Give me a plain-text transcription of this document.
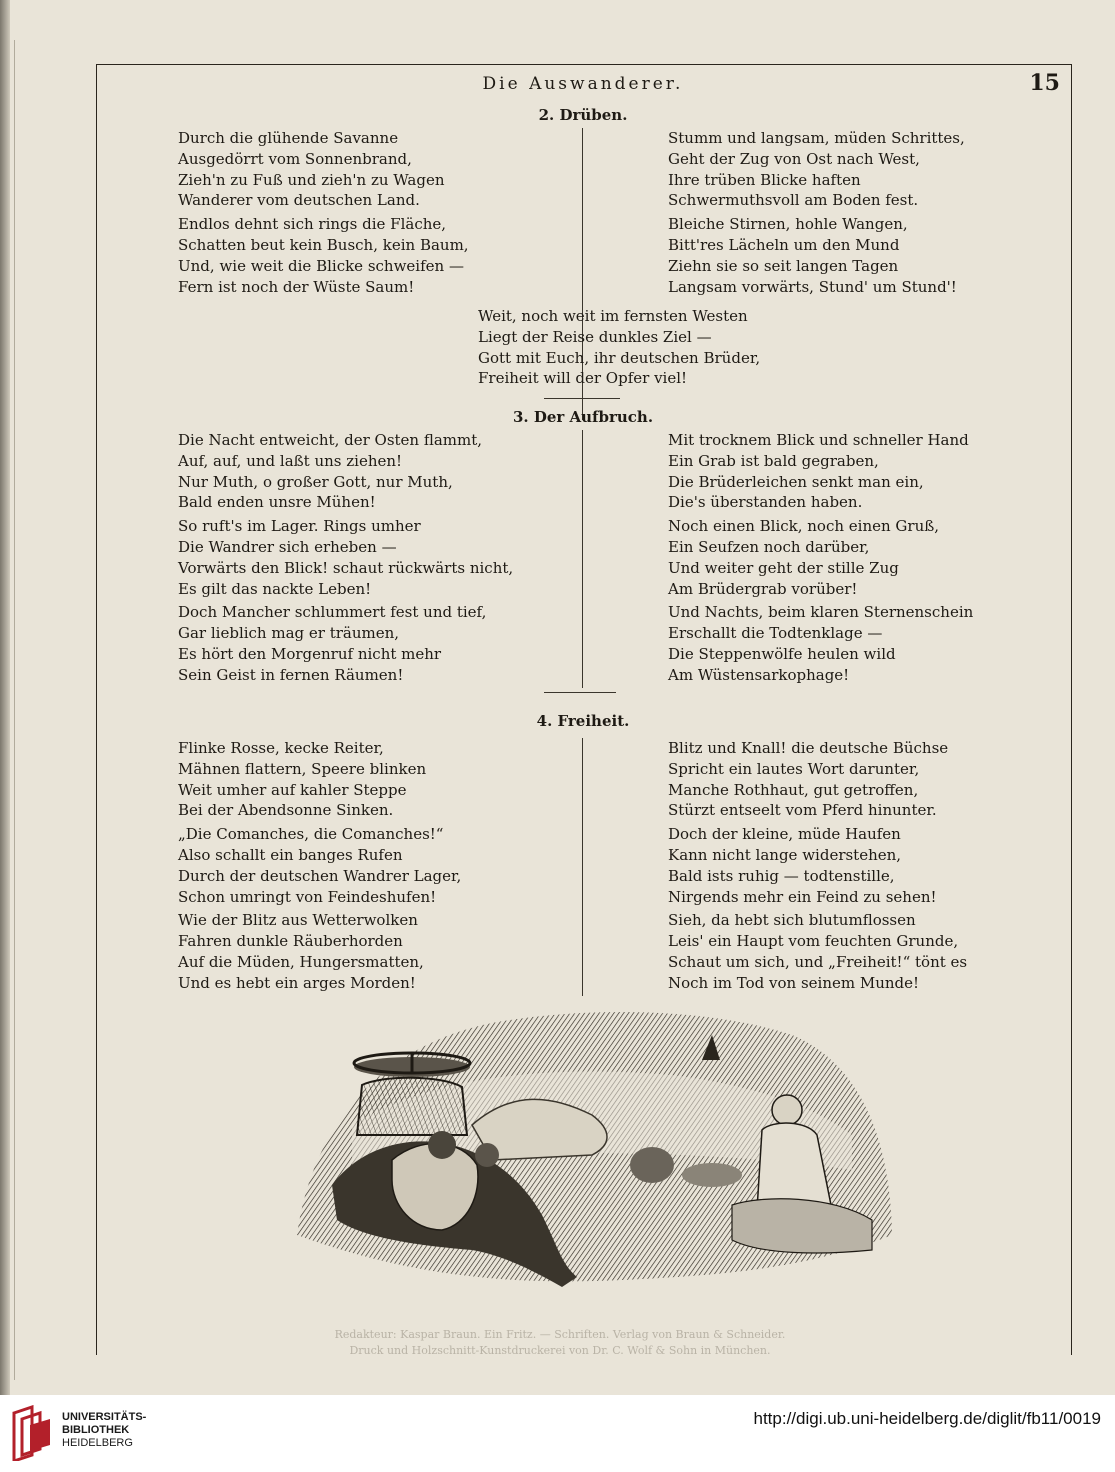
Die Auswanderer.	15
2. Drüben.
Durch die glühende Savanne
Ausgedörrt vom Sonnenbrand,
Zieh'n zu Fuß und zieh'n zu Wagen
Wanderer vom deutschen Land.
Endlos dehnt sich rings die Fläche,
Schatten beut kein Busch, kein Baum,
Und, wie weit die Blicke schweifen —
Fern ist noch der Wüste Saum!
Stumm und langsam, müden Schrittes,
Geht der Zug von Ost nach West,
Ihre trüben Blicke haften
Schwermuthsvoll am Boden fest.
Bleiche Stirnen, hohle Wangen,
Bitt'res Lächeln um den Mund
Ziehn sie so seit langen Tagen
Langsam vorwärts, Stund' um Stund'!
Weit, noch weit im fernsten Westen
Liegt der Reise dunkles Ziel —
Gott mit Euch, ihr deutschen Brüder,
Freiheit will der Opfer viel!
3. Der Aufbruch.
Die Nacht entweicht, der Osten flammt,
Auf, auf, und laßt uns ziehen!
Nur Muth, o großer Gott, nur Muth,
Bald enden unsre Mühen!
So ruft's im Lager. Rings umher
Die Wandrer sich erheben —
Vorwärts den Blick! schaut rückwärts nicht,
Es gilt das nackte Leben!
Doch Mancher schlummert fest und tief,
Gar lieblich mag er träumen,
Es hört den Morgenruf nicht mehr
Sein Geist in fernen Räumen!
Mit trocknem Blick und schneller Hand
Ein Grab ist bald gegraben,
Die Brüderleichen senkt man ein,
Die's überstanden haben.
Noch einen Blick, noch einen Gruß,
Ein Seufzen noch darüber,
Und weiter geht der stille Zug
Am Brüdergrab vorüber!
Und Nachts, beim klaren Sternenschein
Erschallt die Todtenklage —
Die Steppenwölfe heulen wild
Am Wüstensarkophage!
4. Freiheit.
Flinke Rosse, kecke Reiter,
Mähnen flattern, Speere blinken
Weit umher auf kahler Steppe
Bei der Abendsonne Sinken.
„Die Comanches, die Comanches!“
Also schallt ein banges Rufen
Durch der deutschen Wandrer Lager,
Schon umringt von Feindeshufen!
Wie der Blitz aus Wetterwolken
Fahren dunkle Räuberhorden
Auf die Müden, Hungersmatten,
Und es hebt ein arges Morden!
Blitz und Knall! die deutsche Büchse
Spricht ein lautes Wort darunter,
Manche Rothhaut, gut getroffen,
Stürzt entseelt vom Pferd hinunter.
Doch der kleine, müde Haufen
Kann nicht lange widerstehen,
Bald ists ruhig — todtenstille,
Nirgends mehr ein Feind zu sehen!
Sieh, da hebt sich blutumflossen
Leis' ein Haupt vom feuchten Grunde,
Schaut um sich, und „Freiheit!“ tönt es
Noch im Tod von seinem Munde!
Redakteur: Kaspar Braun. Ein Fritz. — Schriften. Verlag von Braun & Schneider.
Druck und Holzschnitt-Kunstdruckerei von Dr. C. Wolf & Sohn in München.
UNIVERSITÄTS-
BIBLIOTHEK
HEIDELBERG
http://digi.ub.uni-heidelberg.de/diglit/fb11/0019
